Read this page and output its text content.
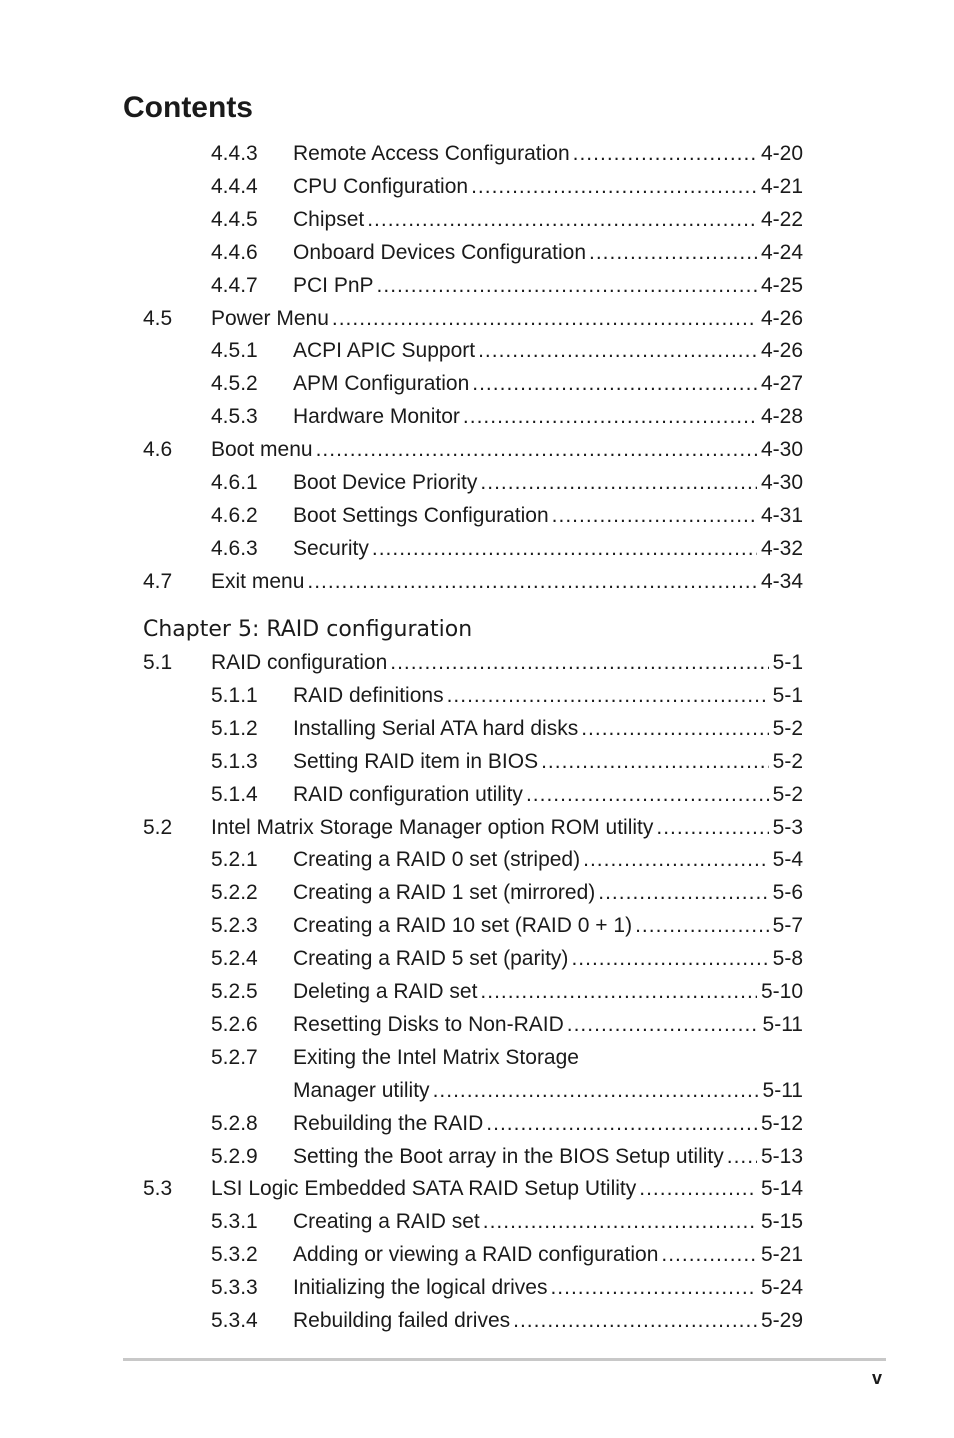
Contents
4.4.3 Remote Access Configuration .....	4-20
4.4.4 CPU Configuration .....	4-21
4.4.5 Chipset .....	4-22
4.4.6 Onboard Devices Configuration .....	4-24
4.4.7 PCI PnP .....	4-25
4.5 Power Menu .....	4-26
4.5.1 ACPI APIC Support .....	4-26
4.5.2 APM Configuration .....	4-27
4.5.3 Hardware Monitor .....	4-28
4.6 Boot menu .....	4-30
4.6.1 Boot Device Priority .....	4-30
4.6.2 Boot Settings Configuration .....	4-31
4.6.3 Security .....	4-32
4.7 Exit menu .....	4-34
5.1 RAID configuration .....	5-1
5.1.1 RAID definitions .....	5-1
5.1.2 Installing Serial ATA hard disks .....	5-2
5.1.3 Setting RAID item in BIOS .....	5-2
5.1.4 RAID configuration utility .....	5-2
5.2 Intel Matrix Storage Manager option ROM utility .....	5-3
5.2.1 Creating a RAID 0 set (striped) .....	5-4
5.2.2 Creating a RAID 1 set (mirrored) .....	5-6
5.2.3 Creating a RAID 10 set (RAID 0 + 1) .....	5-7
5.2.4 Creating a RAID 5 set (parity) .....	5-8
5.2.5 Deleting a RAID set .....	5-10
5.2.6 Resetting Disks to Non-RAID .....	5-11
5.2.7 Exiting the Intel Matrix Storage
Manager utility .....	5-11
5.2.8 Rebuilding the RAID .....	5-12
5.2.9 Setting the Boot array in the BIOS Setup utility ..... 5-13
5.3 LSI Logic Embedded SATA RAID Setup Utility .....	5-14
5.3.1 Creating a RAID set .....	5-15
5.3.2 Adding or viewing a RAID configuration .....	5-21
5.3.3 Initializing the logical drives .....	5-24
5.3.4 Rebuilding failed drives .....	5-29
Chapter 5: RAID configuration
v
